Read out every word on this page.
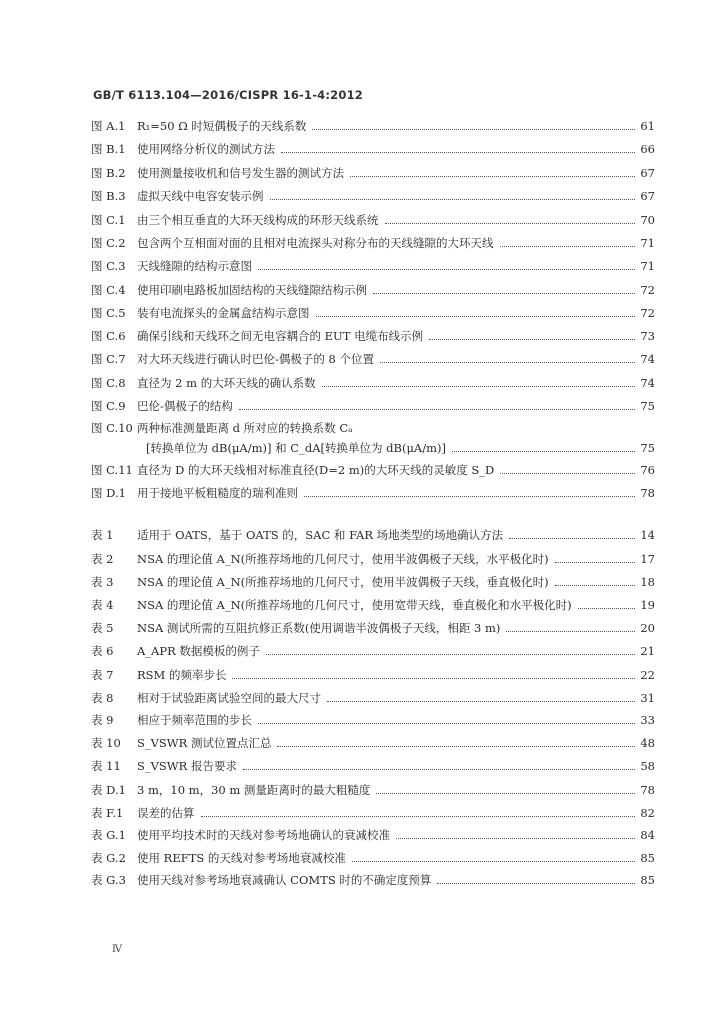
GB/T 6113.104—2016/CISPR 16-1-4:2012
图 A.1	R₁=50 Ω 时短偶极子的天线系数	61
图 B.1 使用网络分析仪的测试方法	66
图 B.2 使用测量接收机和信号发生器的测试方法	67
图 B.3 虚拟天线中电容安装示例	67
图 C.1 由三个相互垂直的大环天线构成的环形天线系统	70
图 C.2 包含两个互相面对面的且相对电流探头对称分布的天线缝隙的大环天线	71
图 C.3 天线缝隙的结构示意图	71
图 C.4 使用印刷电路板加固结构的天线缝隙结构示例	72
图 C.5 装有电流探头的金属盒结构示意图	72
图 C.6 确保引线和天线环之间无电容耦合的 EUT 电缆布线示例	73
图 C.7 对大环天线进行确认时巴伦-偶极子的 8 个位置	74
图 C.8 直径为 2 m 的大环天线的确认系数	74
图 C.9 巴伦-偶极子的结构	75
图 C.10 两种标准测量距离 d 所对应的转换系数 Cₐ
[转换单位为 dB(μA/m)] 和 C_dA[转换单位为 dB(μA/m)]	75
图 C.11 直径为 D 的大环天线相对标准直径(D=2 m)的大环天线的灵敏度 S_D	76
图 D.1 用于接地平板粗糙度的瑞利准则	78
表 1	适用于 OATS，基于 OATS 的，SAC 和 FAR 场地类型的场地确认方法	14
表 2	NSA 的理论值 A_N(所推荐场地的几何尺寸，使用半波偶极子天线，水平极化时)	17
表 3	NSA 的理论值 A_N(所推荐场地的几何尺寸，使用半波偶极子天线，垂直极化时)	18
表 4	NSA 的理论值 A_N(所推荐场地的几何尺寸，使用宽带天线，垂直极化和水平极化时)	19
表 5	NSA 测试所需的互阻抗修正系数(使用调谐半波偶极子天线，相距 3 m)	20
表 6	A_APR 数据模板的例子	21
表 7	RSM 的频率步长	22
表 8	相对于试验距离试验空间的最大尺寸	31
表 9	相应于频率范围的步长	33
表 10	S_VSWR 测试位置点汇总	48
表 11	S_VSWR 报告要求	58
表 D.1 3 m，10 m，30 m 测量距离时的最大粗糙度	78
表 F.1	误差的估算	82
表 G.1 使用平均技术时的天线对参考场地确认的衰减校准	84
表 G.2 使用 REFTS 的天线对参考场地衰减校准	85
表 G.3 使用天线对参考场地衰减确认 COMTS 时的不确定度预算	85
Ⅳ
